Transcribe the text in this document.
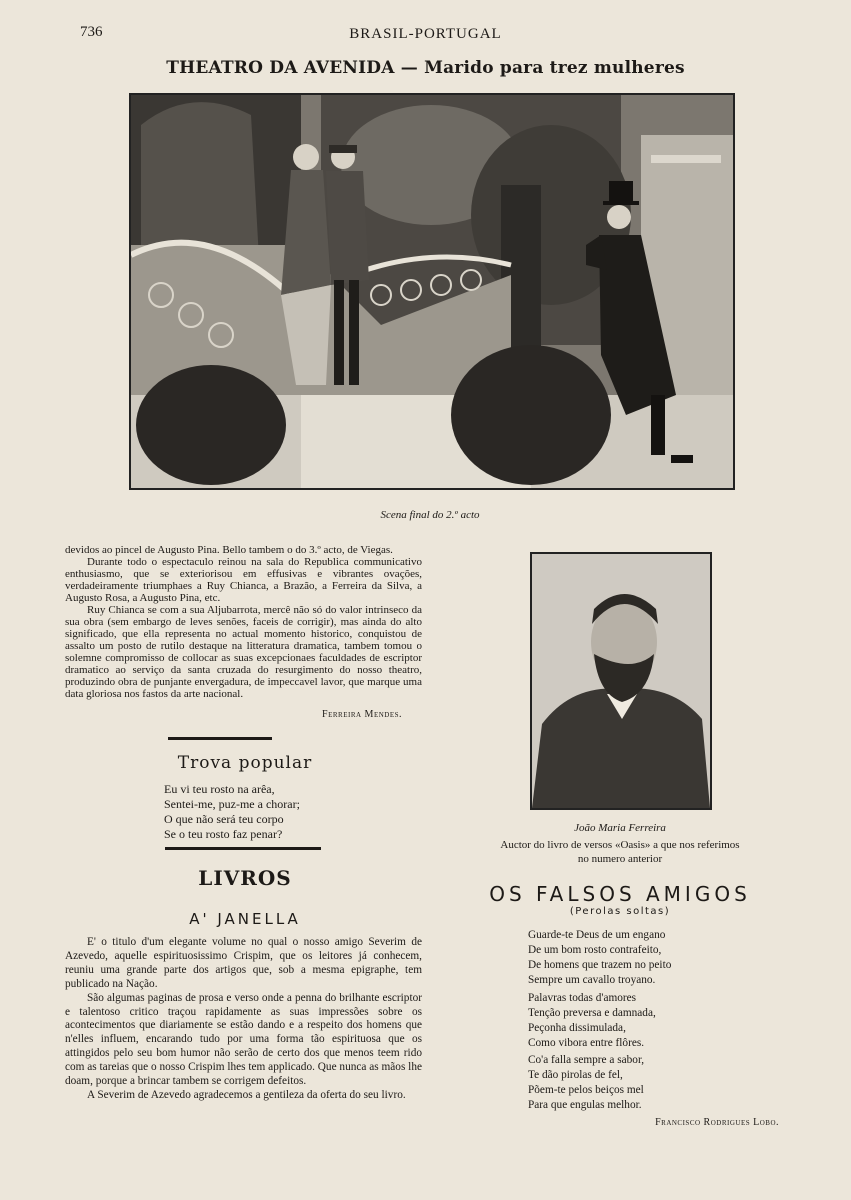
736	BRASIL-PORTUGAL
THEATRO DA AVENIDA — Marido para trez mulheres
Scena final do 2.º acto

devidos ao pincel de Augusto Pina. Bello tambem o do 3.º acto, de Viegas.

Durante todo o espectaculo reinou na sala do Republica communicativo enthusiasmo, que se exteriorisou em effusivas e vibrantes ovações, verdadeiramente triumphaes a Ruy Chianca, a Brazão, a Ferreira da Silva, a Augusto Rosa, a Augusto Pina, etc.

Ruy Chianca se com a sua Aljubarrota, mercê não só do valor intrinseco da sua obra (sem embargo de leves senões, faceis de corrigir), mas ainda do alto significado, que ella representa no actual momento historico, conquistou de assalto um posto de rutilo destaque na litteratura dramatica, tambem tomou o solemne compromisso de collocar as suas excepcionaes faculdades de escriptor dramatico ao serviço da santa cruzada do resurgimento do nosso theatro, produzindo obra de punjante envergadura, de impeccavel lavor, que marque uma data gloriosa nos fastos da arte nacional.

Ferreira Mendes.
Trova popular
Eu vi teu rosto na arêa,
Sentei-me, puz-me a chorar;
O que não será teu corpo
Se o teu rosto faz penar?
LIVROS
A' JANELLA

E' o titulo d'um elegante volume no qual o nosso amigo Severim de Azevedo, aquelle espirituosissimo Crispim, que os leitores já conhecem, reuniu uma grande parte dos artigos que, sob a mesma epigraphe, tem publicado na Nação.

São algumas paginas de prosa e verso onde a penna do brilhante escriptor e talentoso critico traçou rapidamente as suas impressões sobre os acontecimentos que diariamente se estão dando e a respeito dos homens que n'elles influem, encarando tudo por uma forma tão espirituosa que os attingidos pelo seu bom humor não serão de certo dos que menos teem rido com as tareias que o nosso Crispim lhes tem applicado. Que nunca as mãos lhe doam, porque a brincar tambem se corrigem defeitos.

A Severim de Azevedo agradecemos a gentileza da oferta do seu livro.

João Maria Ferreira
Auctor do livro de versos «Oasis» a que nos referimos
no numero anterior
OS FALSOS AMIGOS
(Perolas soltas)
Guarde-te Deus de um engano
De um bom rosto contrafeito,
De homens que trazem no peito
Sempre um cavallo troyano.
Palavras todas d'amores
Tenção preversa e damnada,
Peçonha dissimulada,
Como vibora entre flôres.
Co'a falla sempre a sabor,
Te dão pirolas de fel,
Põem-te pelos beiços mel
Para que engulas melhor.
Francisco Rodrigues Lobo.
